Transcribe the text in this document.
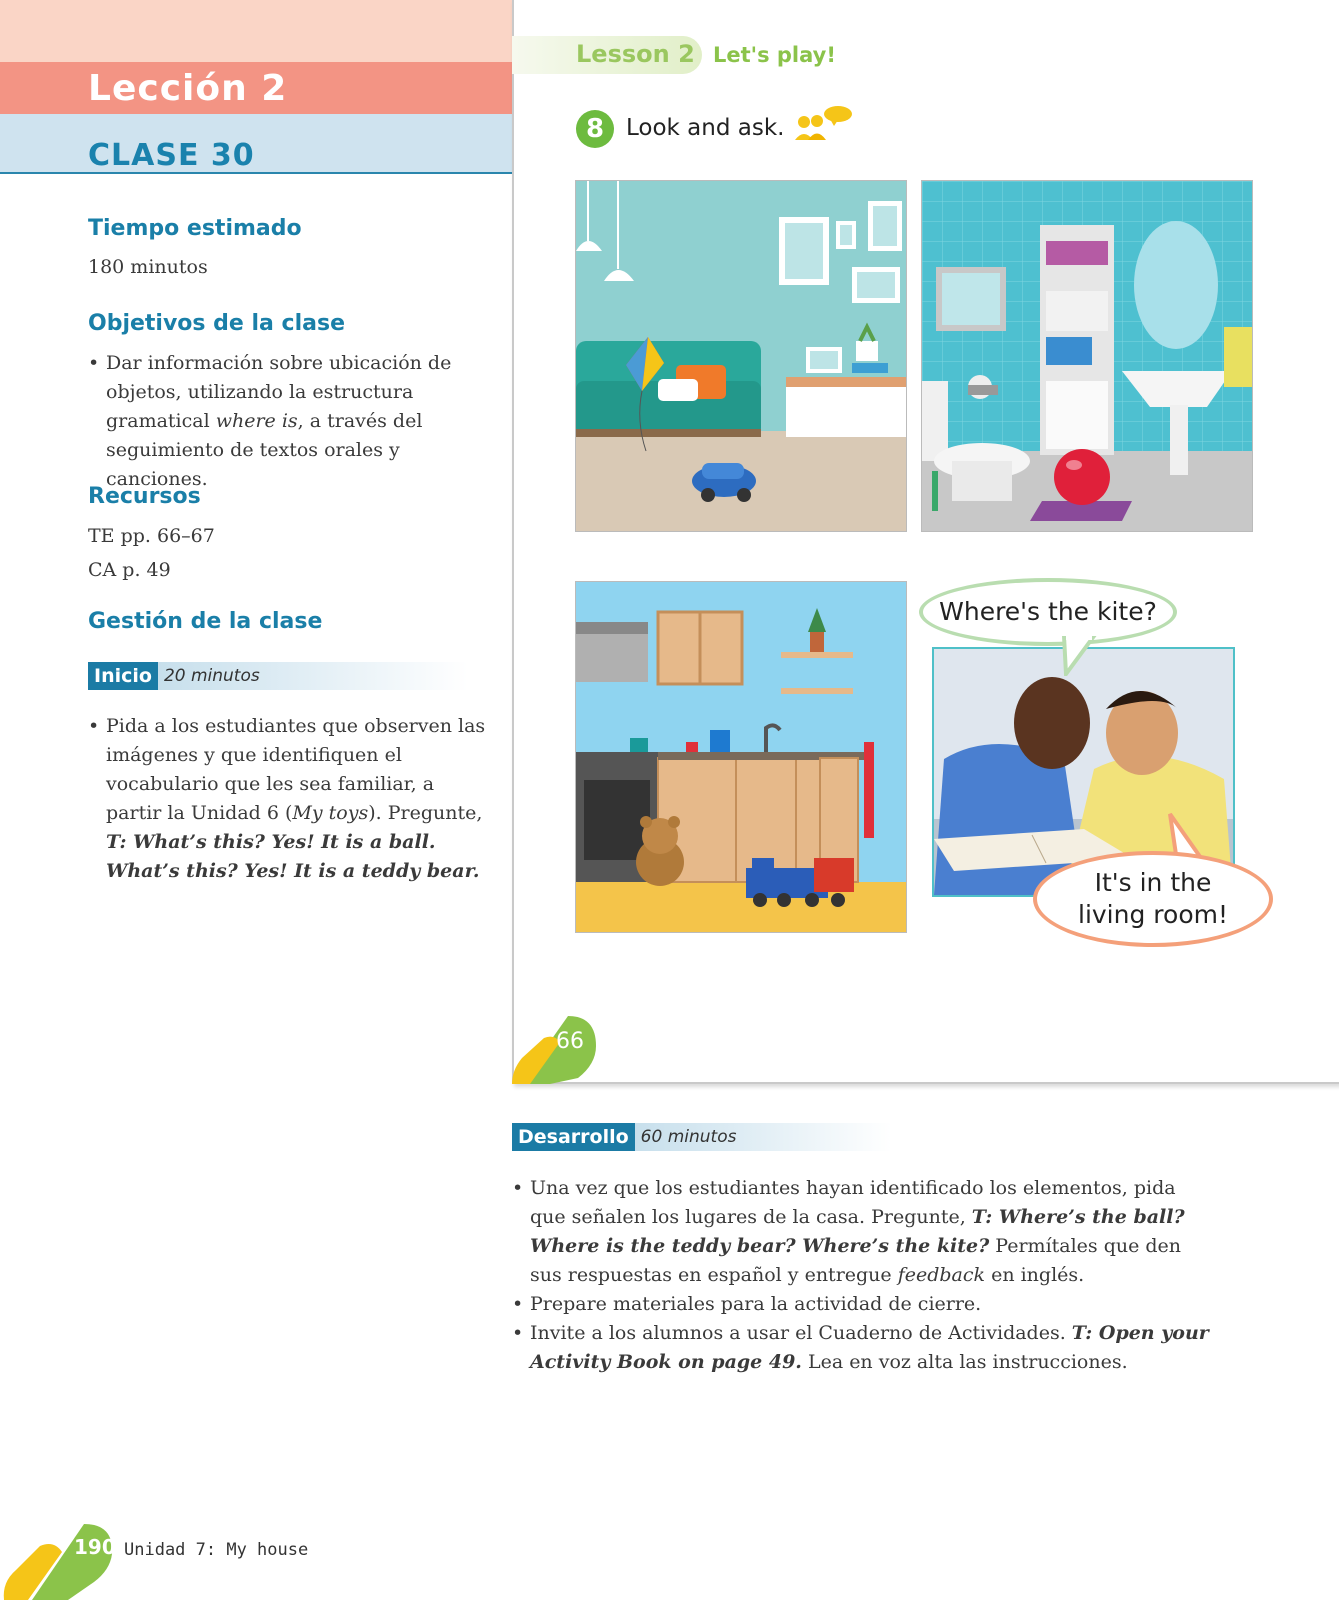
Lección 2
CLASE 30
Tiempo estimado
180 minutos
Objetivos de la clase
• Dar información sobre ubicación de objetos, utilizando la estructura gramatical where is, a través del seguimiento de textos orales y canciones.
Recursos
TE pp. 66–67
CA p. 49
Gestión de la clase
Inicio 20 minutos
• Pida a los estudiantes que observen las imágenes y que identifiquen el vocabulario que les sea familiar, a partir la Unidad 6 (My toys). Pregunte, T: What’s this? Yes! It is a ball. What’s this? Yes! It is a teddy bear.
Lesson 2 Let's play!
8 Look and ask.
Where's the kite?
It's in the living room!
66
Desarrollo 60 minutos
• Una vez que los estudiantes hayan identificado los elementos, pida que señalen los lugares de la casa. Pregunte, T: Where’s the ball? Where is the teddy bear? Where’s the kite? Permítales que den sus respuestas en español y entregue feedback en inglés.
• Prepare materiales para la actividad de cierre.
• Invite a los alumnos a usar el Cuaderno de Actividades. T: Open your Activity Book on page 49. Lea en voz alta las instrucciones.
190 Unidad 7: My house
